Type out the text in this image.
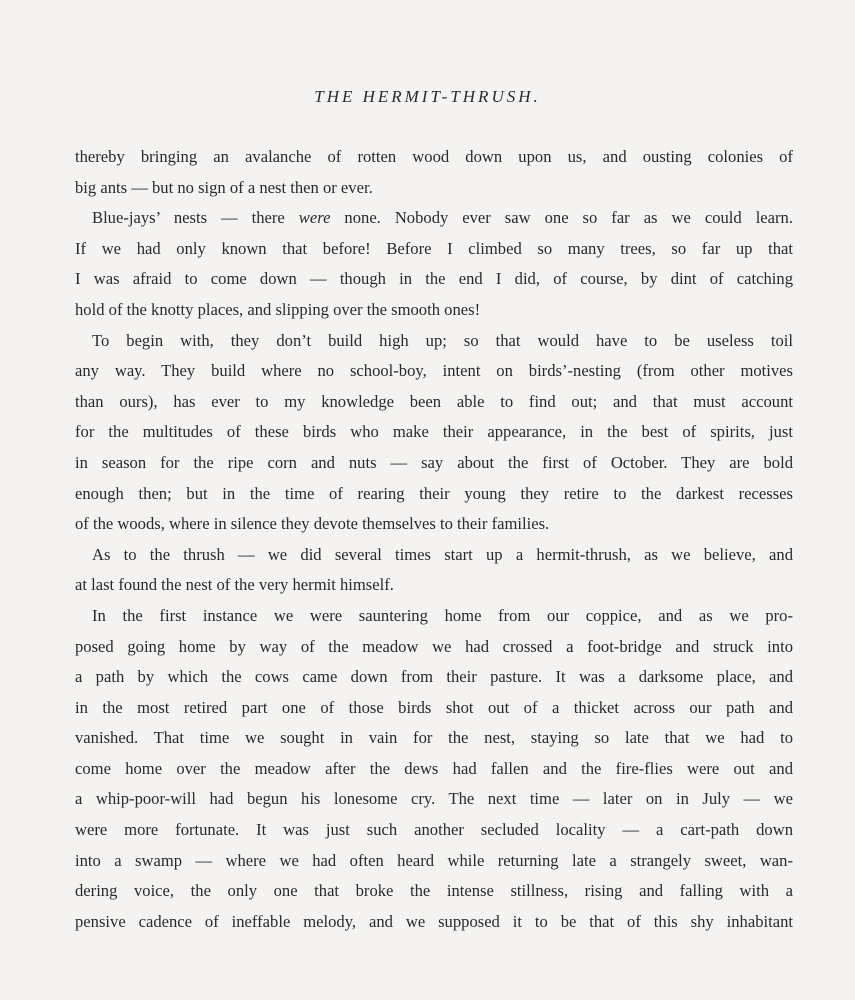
THE HERMIT-THRUSH.
thereby bringing an avalanche of rotten wood down upon us, and ousting colonies of
big ants — but no sign of a nest then or ever.
Blue-jays’ nests — there were none. Nobody ever saw one so far as we could learn.
If we had only known that before! Before I climbed so many trees, so far up that
I was afraid to come down — though in the end I did, of course, by dint of catching
hold of the knotty places, and slipping over the smooth ones!
To begin with, they don’t build high up; so that would have to be useless toil
any way. They build where no school-boy, intent on birds’-nesting (from other motives
than ours), has ever to my knowledge been able to find out; and that must account
for the multitudes of these birds who make their appearance, in the best of spirits, just
in season for the ripe corn and nuts — say about the first of October. They are bold
enough then; but in the time of rearing their young they retire to the darkest recesses
of the woods, where in silence they devote themselves to their families.
As to the thrush — we did several times start up a hermit-thrush, as we believe, and
at last found the nest of the very hermit himself.
In the first instance we were sauntering home from our coppice, and as we pro-
posed going home by way of the meadow we had crossed a foot-bridge and struck into
a path by which the cows came down from their pasture. It was a darksome place, and
in the most retired part one of those birds shot out of a thicket across our path and
vanished. That time we sought in vain for the nest, staying so late that we had to
come home over the meadow after the dews had fallen and the fire-flies were out and
a whip-poor-will had begun his lonesome cry. The next time — later on in July — we
were more fortunate. It was just such another secluded locality — a cart-path down
into a swamp — where we had often heard while returning late a strangely sweet, wan-
dering voice, the only one that broke the intense stillness, rising and falling with a
pensive cadence of ineffable melody, and we supposed it to be that of this shy inhabitant
